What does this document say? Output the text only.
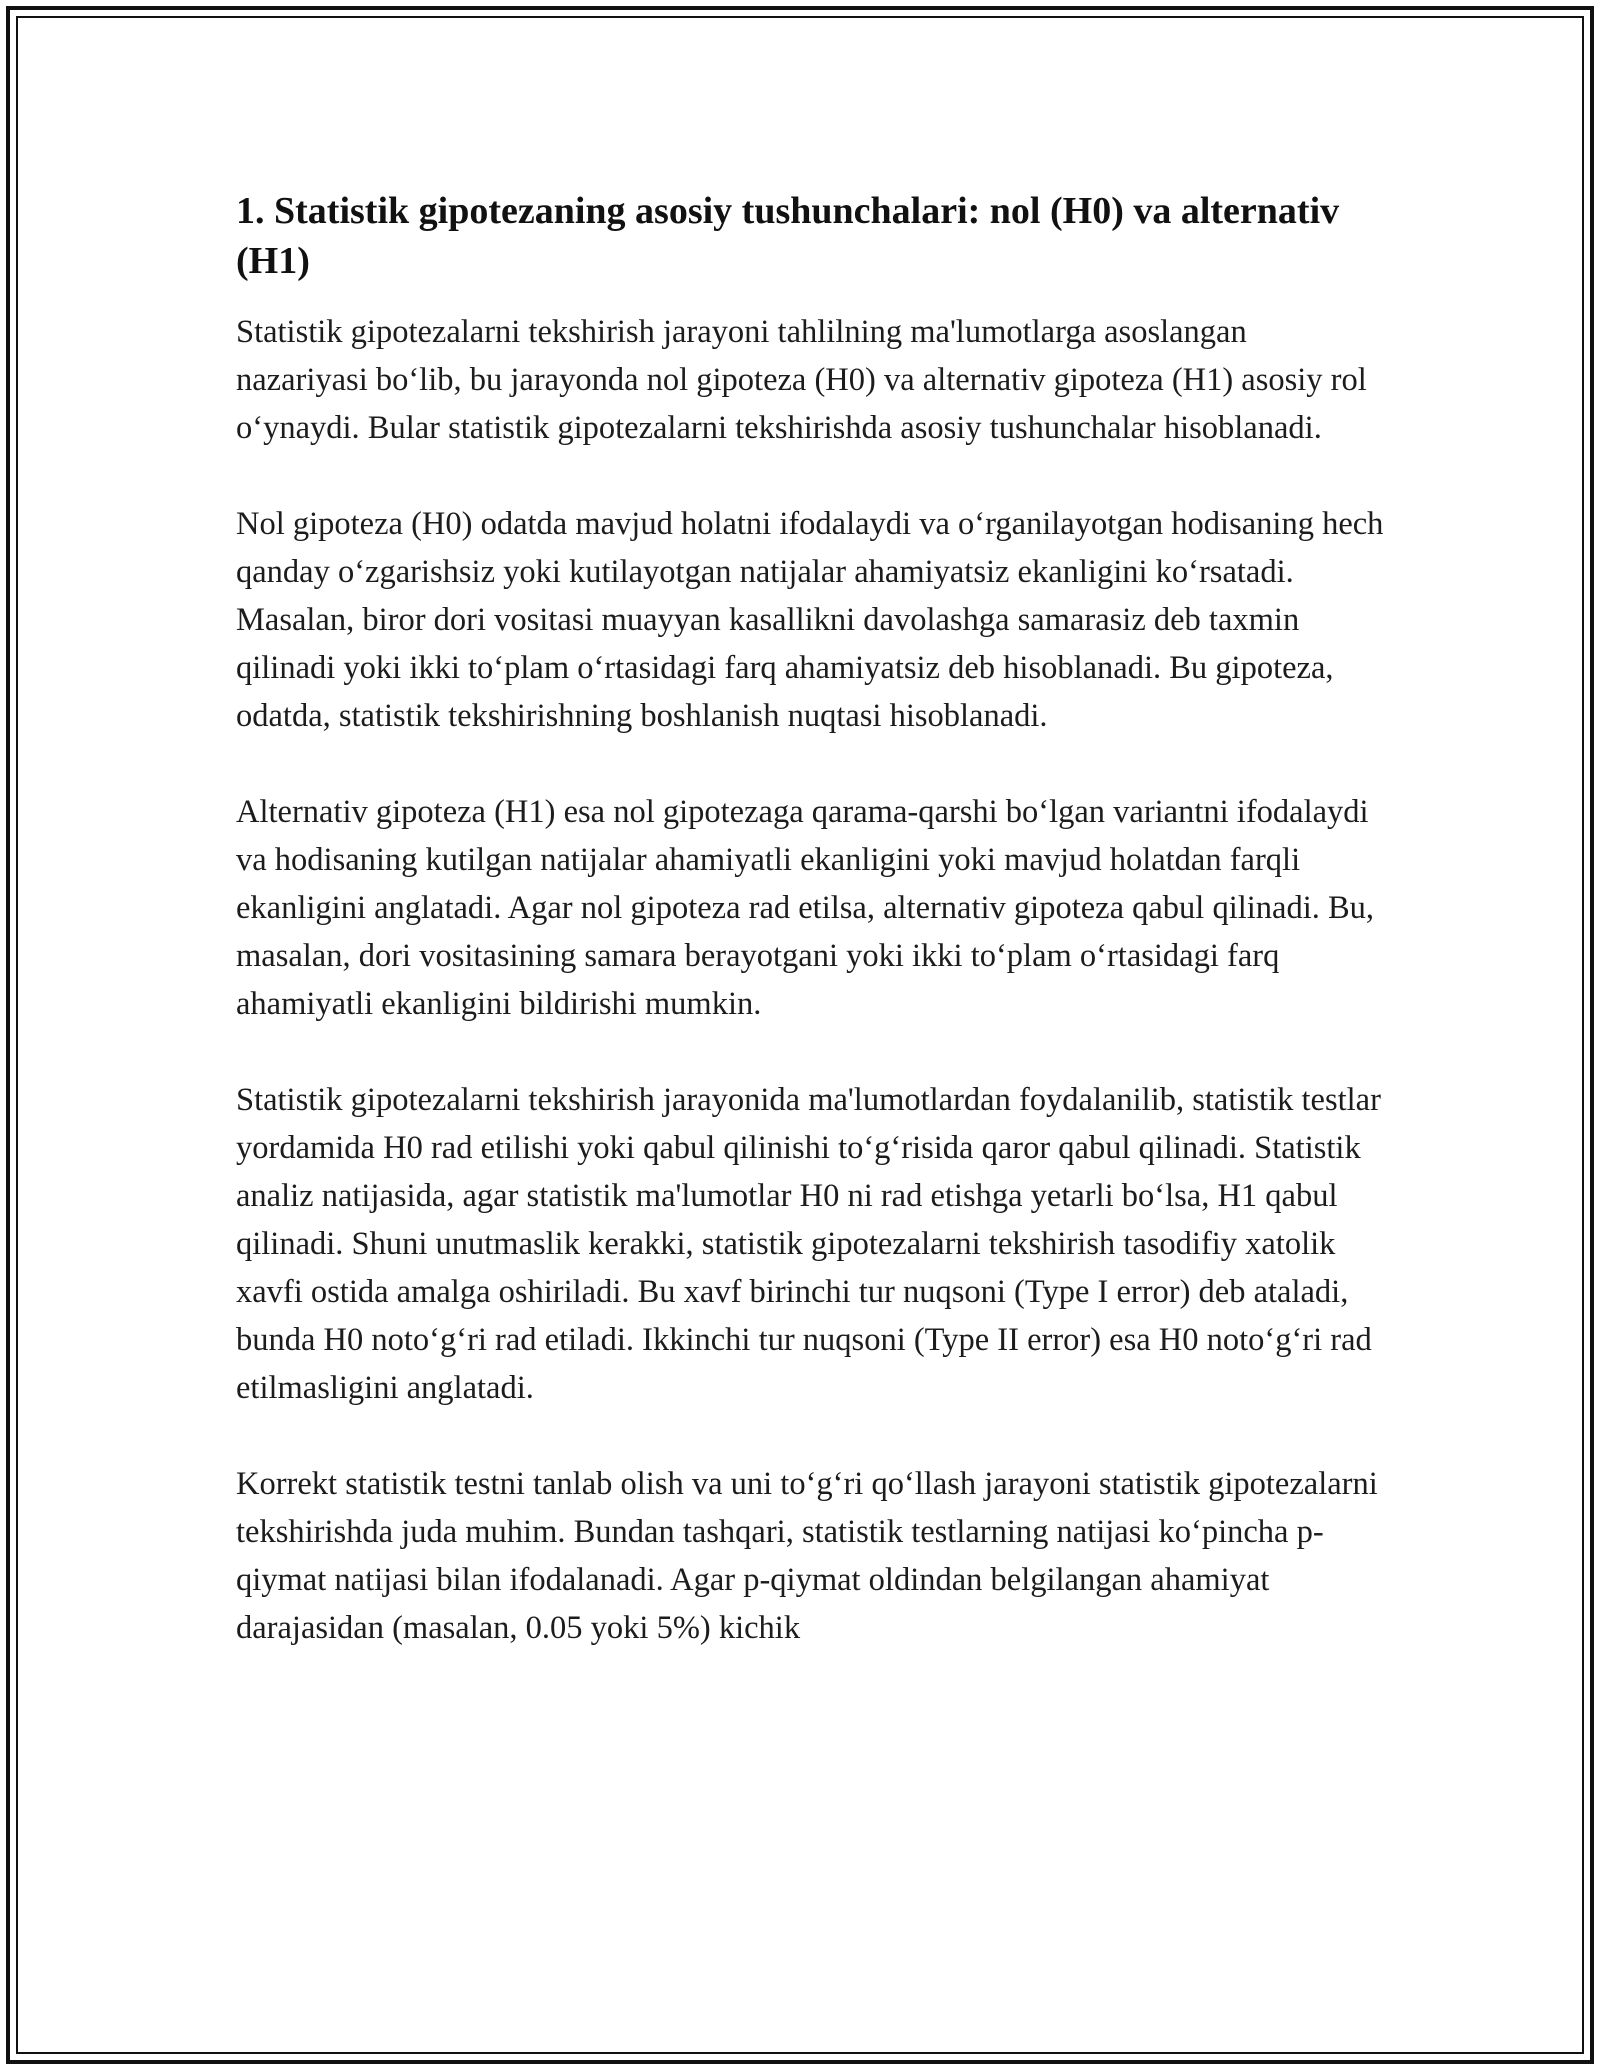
1. Statistik gipotezaning asosiy tushunchalari: nol (H0) va alternativ (H1)

Statistik gipotezalarni tekshirish jarayoni tahlilning ma'lumotlarga asoslangan nazariyasi bo‘lib, bu jarayonda nol gipoteza (H0) va alternativ gipoteza (H1) asosiy rol o‘ynaydi. Bular statistik gipotezalarni tekshirishda asosiy tushunchalar hisoblanadi.

Nol gipoteza (H0) odatda mavjud holatni ifodalaydi va o‘rganilayotgan hodisaning hech qanday o‘zgarishsiz yoki kutilayotgan natijalar ahamiyatsiz ekanligini ko‘rsatadi. Masalan, biror dori vositasi muayyan kasallikni davolashga samarasiz deb taxmin qilinadi yoki ikki to‘plam o‘rtasidagi farq ahamiyatsiz deb hisoblanadi. Bu gipoteza, odatda, statistik tekshirishning boshlanish nuqtasi hisoblanadi.

Alternativ gipoteza (H1) esa nol gipotezaga qarama-qarshi bo‘lgan variantni ifodalaydi va hodisaning kutilgan natijalar ahamiyatli ekanligini yoki mavjud holatdan farqli ekanligini anglatadi. Agar nol gipoteza rad etilsa, alternativ gipoteza qabul qilinadi. Bu, masalan, dori vositasining samara berayotgani yoki ikki to‘plam o‘rtasidagi farq ahamiyatli ekanligini bildirishi mumkin.

Statistik gipotezalarni tekshirish jarayonida ma'lumotlardan foydalanilib, statistik testlar yordamida H0 rad etilishi yoki qabul qilinishi to‘g‘risida qaror qabul qilinadi. Statistik analiz natijasida, agar statistik ma'lumotlar H0 ni rad etishga yetarli bo‘lsa, H1 qabul qilinadi. Shuni unutmaslik kerakki, statistik gipotezalarni tekshirish tasodifiy xatolik xavfi ostida amalga oshiriladi. Bu xavf birinchi tur nuqsoni (Type I error) deb ataladi, bunda H0 noto‘g‘ri rad etiladi. Ikkinchi tur nuqsoni (Type II error) esa H0 noto‘g‘ri rad etilmasligini anglatadi.

Korrekt statistik testni tanlab olish va uni to‘g‘ri qo‘llash jarayoni statistik gipotezalarni tekshirishda juda muhim. Bundan tashqari, statistik testlarning natijasi ko‘pincha p-qiymat natijasi bilan ifodalanadi. Agar p-qiymat oldindan belgilangan ahamiyat darajasidan (masalan, 0.05 yoki 5%) kichik
